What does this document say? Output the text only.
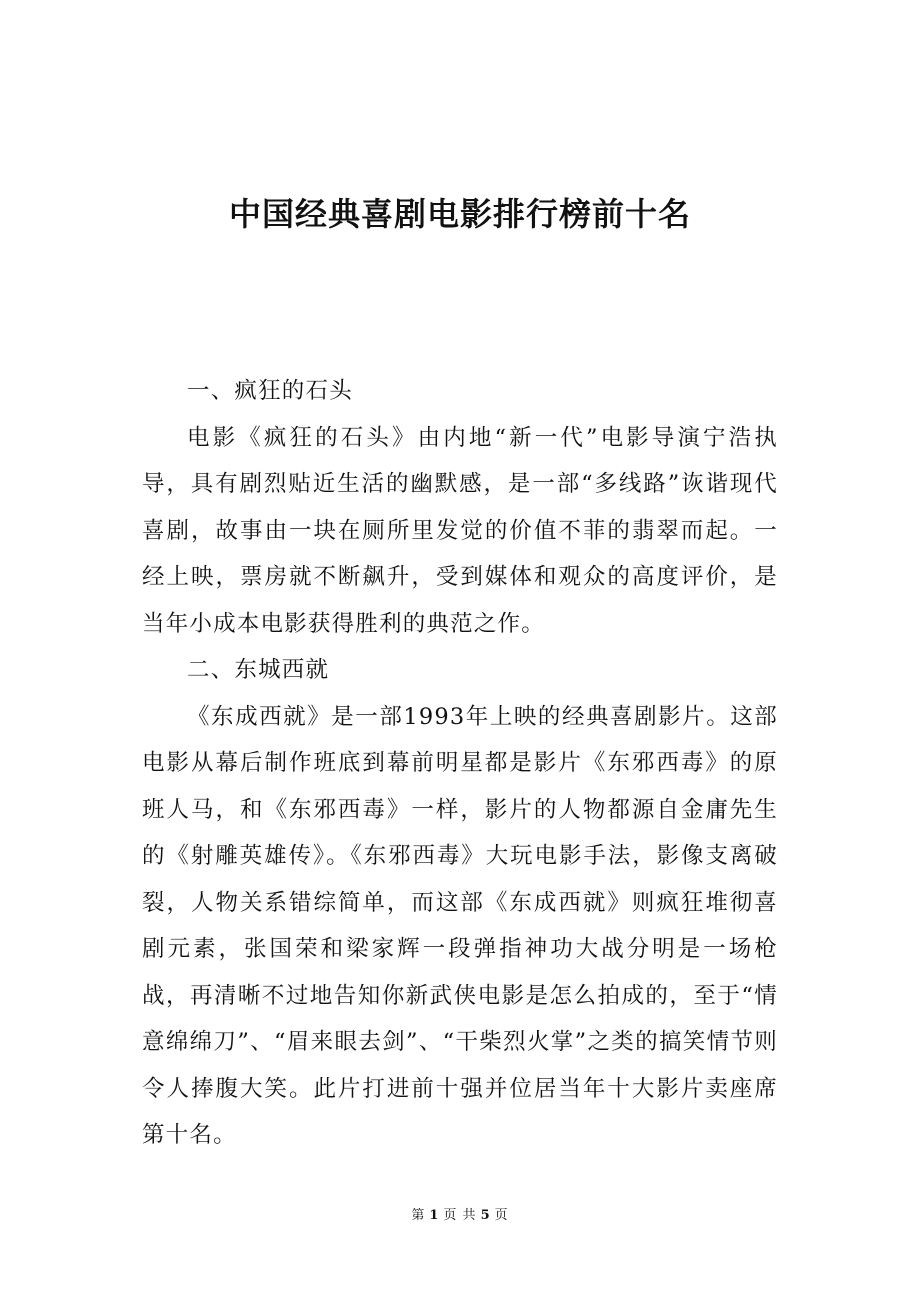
中国经典喜剧电影排行榜前十名

一、疯狂的石头

电影《疯狂的石头》由内地“新一代”电影导演宁浩执导，具有剧烈贴近生活的幽默感，是一部“多线路”诙谐现代喜剧，故事由一块在厕所里发觉的价值不菲的翡翠而起。一经上映，票房就不断飙升，受到媒体和观众的高度评价，是当年小成本电影获得胜利的典范之作。

二、东城西就

《东成西就》是一部1993年上映的经典喜剧影片。这部电影从幕后制作班底到幕前明星都是影片《东邪西毒》的原班人马，和《东邪西毒》一样，影片的人物都源自金庸先生的《射雕英雄传》。《东邪西毒》大玩电影手法，影像支离破裂，人物关系错综简单，而这部《东成西就》则疯狂堆彻喜剧元素，张国荣和梁家辉一段弹指神功大战分明是一场枪战，再清晰不过地告知你新武侠电影是怎么拍成的，至于“情意绵绵刀”、“眉来眼去剑”、“干柴烈火掌”之类的搞笑情节则令人捧腹大笑。此片打进前十强并位居当年十大影片卖座席第十名。

第 1 页 共 5 页
